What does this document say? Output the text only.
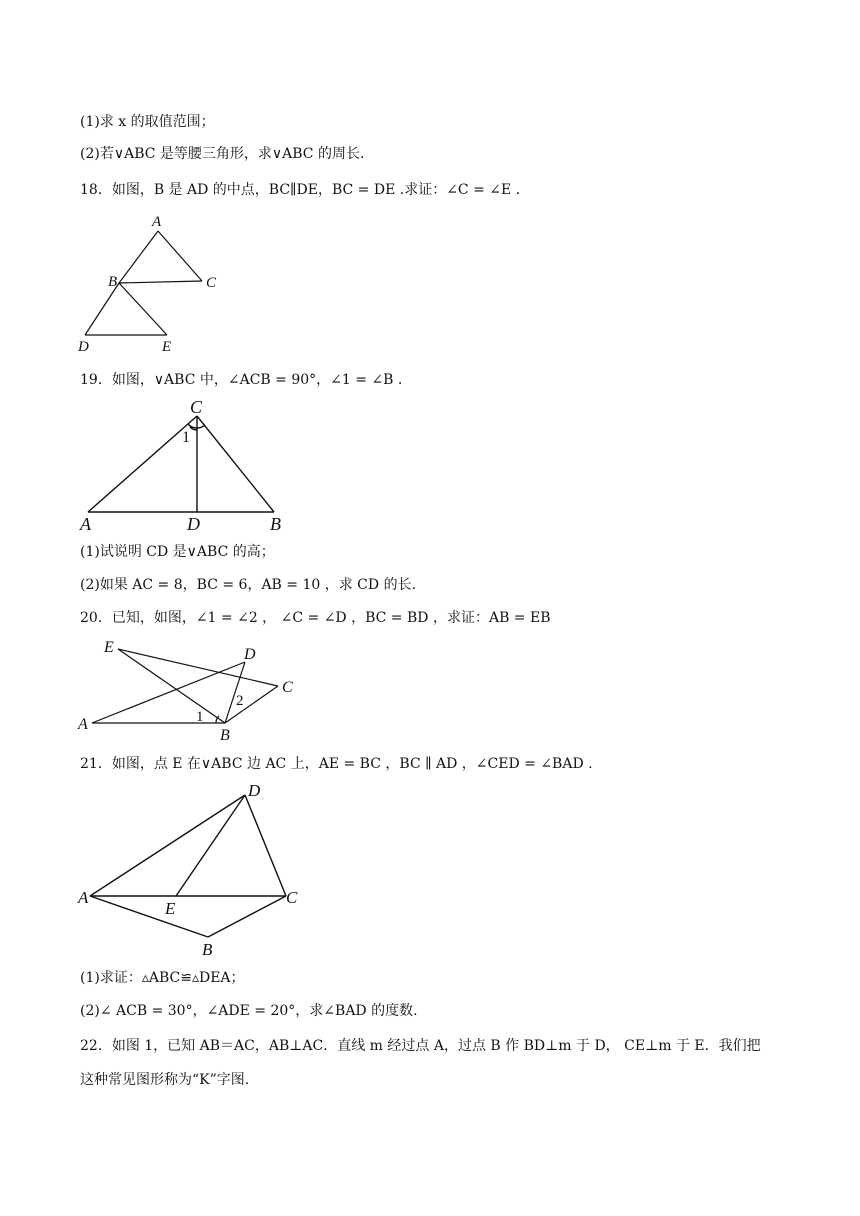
(1)求 x 的取值范围；
(2)若∨ABC 是等腰三角形，求∨ABC 的周长.
18．如图，B 是 AD 的中点，BC∥DE，BC = DE .求证：∠C = ∠E .
A
B	C
D	E
19．如图，∨ABC 中，∠ACB = 90°，∠1 = ∠B .
C
1
A	D	B
(1)试说明 CD 是∨ABC 的高；
(2)如果 AC = 8，BC = 6，AB = 10 ，求 CD 的长.
20．已知，如图，∠1 = ∠2 ， ∠C = ∠D ，BC = BD ，求证：AB = EB
E	D
C
A
B
1
2
21．如图，点 E 在∨ABC 边 AC 上，AE = BC ，BC ∥ AD ，∠CED = ∠BAD .
D
A
E
C
B
(1)求证：▵ABC≌▵DEA；
(2)∠ ACB = 30°，∠ADE = 20°，求∠BAD 的度数.
22．如图 1，已知 AB＝AC，AB⊥AC．直线 m 经过点 A，过点 B 作 BD⊥m 于 D， CE⊥m 于 E．我们把
这种常见图形称为“K”字图.
